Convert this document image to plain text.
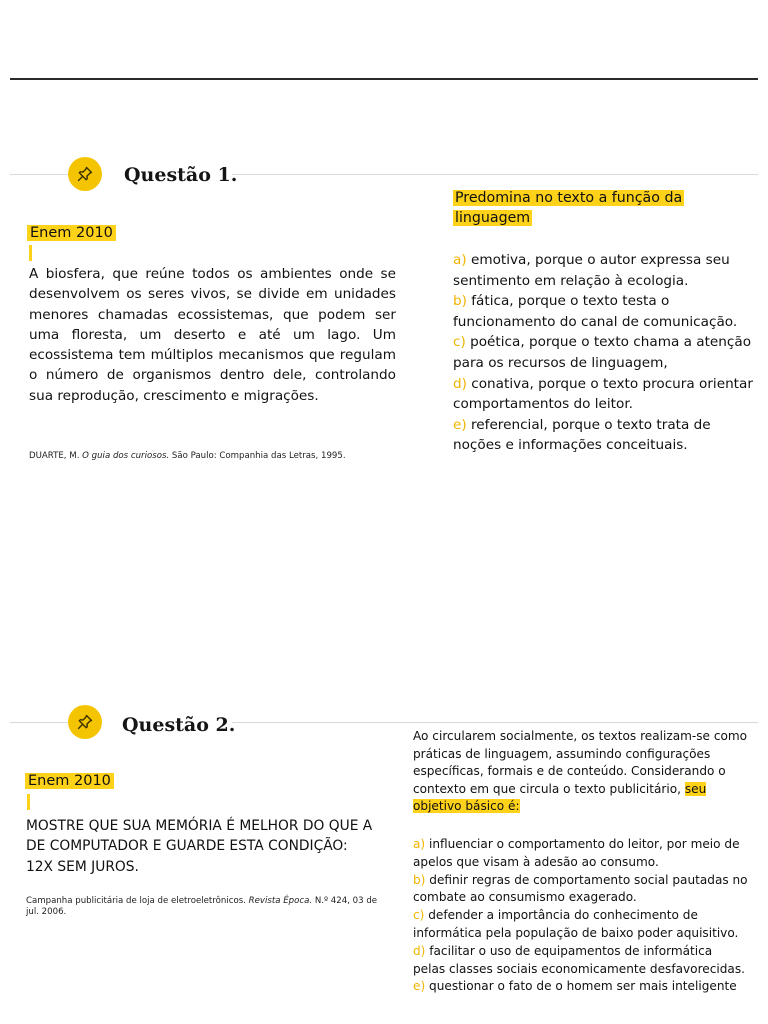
Questão 1.
Enem 2010
A biosfera, que reúne todos os ambientes onde se desenvolvem os seres vivos, se divide em unidades menores chamadas ecossistemas, que podem ser uma floresta, um deserto e até um lago. Um ecossistema tem múltiplos mecanismos que regulam o número de organismos dentro dele, controlando sua reprodução, crescimento e migrações.
DUARTE, M. O guia dos curiosos. São Paulo: Companhia das Letras, 1995.
Predomina no texto a função da
linguagem
a) emotiva, porque o autor expressa seu sentimento em relação à ecologia.
b) fática, porque o texto testa o funcionamento do canal de comunicação.
c) poética, porque o texto chama a atenção para os recursos de linguagem,
d) conativa, porque o texto procura orientar comportamentos do leitor.
e) referencial, porque o texto trata de noções e informações conceituais.
Questão 2.
Enem 2010
MOSTRE QUE SUA MEMÓRIA É MELHOR DO QUE A DE COMPUTADOR E GUARDE ESTA CONDIÇÃO: 12X SEM JUROS.
Campanha publicitária de loja de eletroeletrônicos. Revista Época. N.º 424, 03 de jul. 2006.
Ao circularem socialmente, os textos realizam-se como práticas de linguagem, assumindo configurações específicas, formais e de conteúdo. Considerando o contexto em que circula o texto publicitário, seu objetivo básico é:
a) influenciar o comportamento do leitor, por meio de apelos que visam à adesão ao consumo.
b) definir regras de comportamento social pautadas no combate ao consumismo exagerado.
c) defender a importância do conhecimento de informática pela população de baixo poder aquisitivo.
d) facilitar o uso de equipamentos de informática pelas classes sociais economicamente desfavorecidas.
e) questionar o fato de o homem ser mais inteligente
